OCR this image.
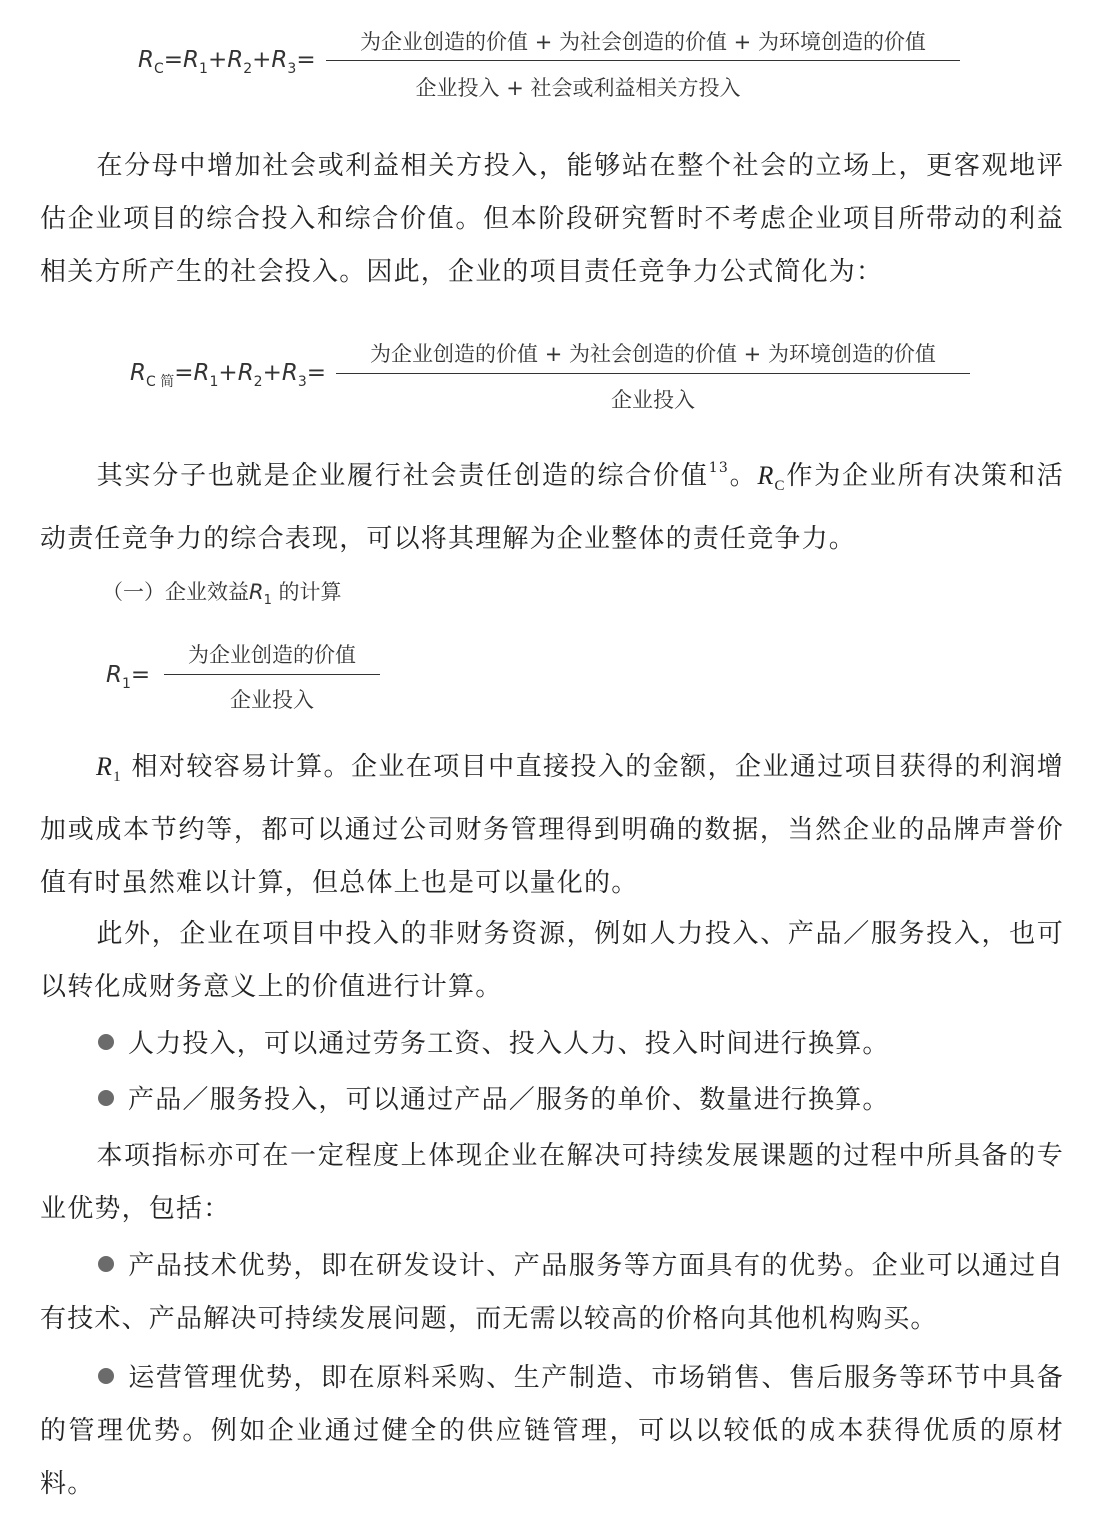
$R_C=R_1+R_2+R_3=$
为企业创造的价值 + 为社会创造的价值 + 为环境创造的价值
企业投入 + 社会或利益相关方投入
在分母中增加社会或利益相关方投入，能够站在整个社会的立场上，更客观地评估企业项目的综合投入和综合价值。但本阶段研究暂时不考虑企业项目所带动的利益相关方所产生的社会投入。因此，企业的项目责任竞争力公式简化为：
$R_{C 简}=R_1+R_2+R_3=$
为企业创造的价值 + 为社会创造的价值 + 为环境创造的价值
企业投入
其实分子也就是企业履行社会责任创造的综合价值$^{13}$。$R_C$作为企业所有决策和活动责任竞争力的综合表现，可以将其理解为企业整体的责任竞争力。
（一）企业效益$R_1$ 的计算
$R_1=$
为企业创造的价值
企业投入
$R_1$ 相对较容易计算。企业在项目中直接投入的金额，企业通过项目获得的利润增加或成本节约等，都可以通过公司财务管理得到明确的数据，当然企业的品牌声誉价值有时虽然难以计算，但总体上也是可以量化的。
此外，企业在项目中投入的非财务资源，例如人力投入、产品／服务投入，也可以转化成财务意义上的价值进行计算。
人力投入，可以通过劳务工资、投入人力、投入时间进行换算。
产品／服务投入，可以通过产品／服务的单价、数量进行换算。
本项指标亦可在一定程度上体现企业在解决可持续发展课题的过程中所具备的专业优势，包括：
产品技术优势，即在研发设计、产品服务等方面具有的优势。企业可以通过自有技术、产品解决可持续发展问题，而无需以较高的价格向其他机构购买。
运营管理优势，即在原料采购、生产制造、市场销售、售后服务等环节中具备的管理优势。例如企业通过健全的供应链管理，可以以较低的成本获得优质的原材料。
